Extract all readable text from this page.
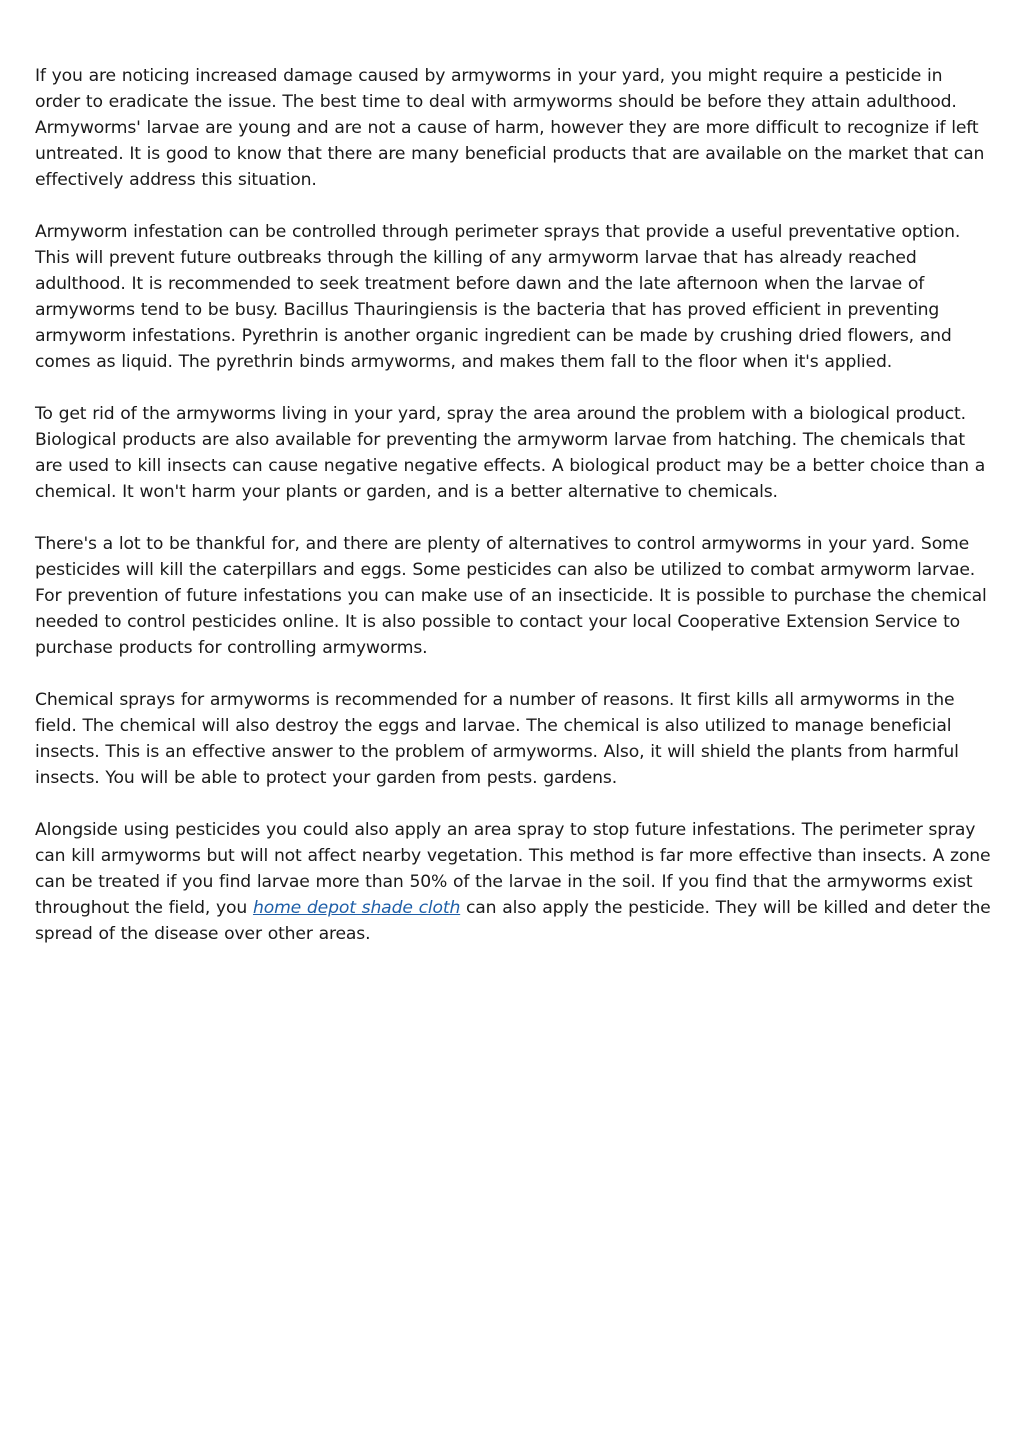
If you are noticing increased damage caused by armyworms in your yard, you might require a pesticide in order to eradicate the issue. The best time to deal with armyworms should be before they attain adulthood. Armyworms' larvae are young and are not a cause of harm, however they are more difficult to recognize if left untreated. It is good to know that there are many beneficial products that are available on the market that can effectively address this situation.

Armyworm infestation can be controlled through perimeter sprays that provide a useful preventative option. This will prevent future outbreaks through the killing of any armyworm larvae that has already reached adulthood. It is recommended to seek treatment before dawn and the late afternoon when the larvae of armyworms tend to be busy. Bacillus Thauringiensis is the bacteria that has proved efficient in preventing armyworm infestations. Pyrethrin is another organic ingredient can be made by crushing dried flowers, and comes as liquid. The pyrethrin binds armyworms, and makes them fall to the floor when it's applied.

To get rid of the armyworms living in your yard, spray the area around the problem with a biological product. Biological products are also available for preventing the armyworm larvae from hatching. The chemicals that are used to kill insects can cause negative negative effects. A biological product may be a better choice than a chemical. It won't harm your plants or garden, and is a better alternative to chemicals.

There's a lot to be thankful for, and there are plenty of alternatives to control armyworms in your yard. Some pesticides will kill the caterpillars and eggs. Some pesticides can also be utilized to combat armyworm larvae. For prevention of future infestations you can make use of an insecticide. It is possible to purchase the chemical needed to control pesticides online. It is also possible to contact your local Cooperative Extension Service to purchase products for controlling armyworms.

Chemical sprays for armyworms is recommended for a number of reasons. It first kills all armyworms in the field. The chemical will also destroy the eggs and larvae. The chemical is also utilized to manage beneficial insects. This is an effective answer to the problem of armyworms. Also, it will shield the plants from harmful insects. You will be able to protect your garden from pests. gardens.

Alongside using pesticides you could also apply an area spray to stop future infestations. The perimeter spray can kill armyworms but will not affect nearby vegetation. This method is far more effective than insects. A zone can be treated if you find larvae more than 50% of the larvae in the soil. If you find that the armyworms exist throughout the field, you home depot shade cloth can also apply the pesticide. They will be killed and deter the spread of the disease over other areas.
